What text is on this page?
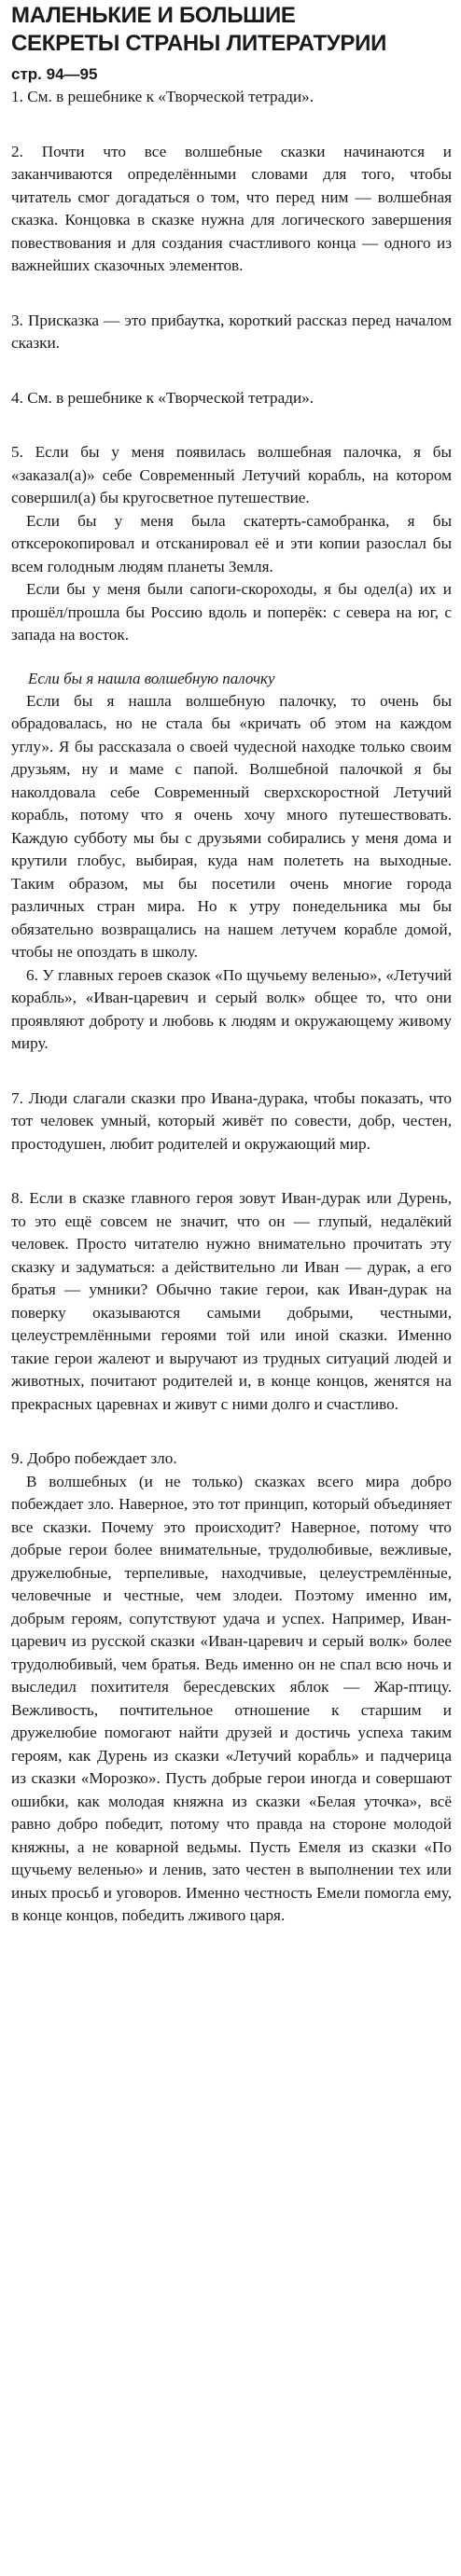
МАЛЕНЬКИЕ И БОЛЬШИЕ
СЕКРЕТЫ СТРАНЫ ЛИТЕРАТУРИИ

стр. 94—95

1. См. в решебнике к «Творческой тетради».

2. Почти что все волшебные сказки начинаются и заканчиваются определёнными словами для того, чтобы читатель смог догадаться о том, что перед ним — волшебная сказка. Концовка в сказке нужна для логического завершения повествования и для создания счастливого конца — одного из важнейших сказочных элементов.

3. Присказка — это прибаутка, короткий рассказ перед началом сказки.

4. См. в решебнике к «Творческой тетради».

5. Если бы у меня появилась волшебная палочка, я бы «заказал(а)» себе Современный Летучий корабль, на котором совершил(а) бы кругосветное путешествие.

Если бы у меня была скатерть-самобранка, я бы отксерокопировал и отсканировал её и эти копии разослал бы всем голодным людям планеты Земля.

Если бы у меня были сапоги-скороходы, я бы одел(а) их и прошёл/прошла бы Россию вдоль и поперёк: с севера на юг, с запада на восток.

Если бы я нашла волшебную палочку

Если бы я нашла волшебную палочку, то очень бы обрадовалась, но не стала бы «кричать об этом на каждом углу». Я бы рассказала о своей чудесной находке только своим друзьям, ну и маме с папой. Волшебной палочкой я бы наколдовала себе Современный сверхскоростной Летучий корабль, потому что я очень хочу много путешествовать. Каждую субботу мы бы с друзьями собирались у меня дома и крутили глобус, выбирая, куда нам полететь на выходные. Таким образом, мы бы посетили очень многие города различных стран мира. Но к утру понедельника мы бы обязательно возвращались на нашем летучем корабле домой, чтобы не опоздать в школу.

6. У главных героев сказок «По щучьему веленью», «Летучий корабль», «Иван-царевич и серый волк» общее то, что они проявляют доброту и любовь к людям и окружающему живому миру.

7. Люди слагали сказки про Ивана-дурака, чтобы показать, что тот человек умный, который живёт по совести, добр, честен, простодушен, любит родителей и окружающий мир.

8. Если в сказке главного героя зовут Иван-дурак или Дурень, то это ещё совсем не значит, что он — глупый, недалёкий человек. Просто читателю нужно внимательно прочитать эту сказку и задуматься: а действительно ли Иван — дурак, а его братья — умники? Обычно такие герои, как Иван-дурак на поверку оказываются самыми добрыми, честными, целеустремлёнными героями той или иной сказки. Именно такие герои жалеют и выручают из трудных ситуаций людей и животных, почитают родителей и, в конце концов, женятся на прекрасных царевнах и живут с ними долго и счастливо.

9. Добро побеждает зло.

В волшебных (и не только) сказках всего мира добро побеждает зло. Наверное, это тот принцип, который объединяет все сказки. Почему это происходит? Наверное, потому что добрые герои более внимательные, трудолюбивые, вежливые, дружелюбные, терпеливые, находчивые, целеустремлённые, человечные и честные, чем злодеи. Поэтому именно им, добрым героям, сопутствуют удача и успех. Например, Иван-царевич из русской сказки «Иван-царевич и серый волк» более трудолюбивый, чем братья. Ведь именно он не спал всю ночь и выследил похитителя бересдевских яблок — Жар-птицу. Вежливость, почтительное отношение к старшим и дружелюбие помогают найти друзей и достичь успеха таким героям, как Дурень из сказки «Летучий корабль» и падчерица из сказки «Морозко». Пусть добрые герои иногда и совершают ошибки, как молодая княжна из сказки «Белая уточка», всё равно добро победит, потому что правда на стороне молодой княжны, а не коварной ведьмы. Пусть Емеля из сказки «По щучьему веленью» и ленив, зато честен в выполнении тех или иных просьб и уговоров. Именно честность Емели помогла ему, в конце концов, победить лживого царя.
